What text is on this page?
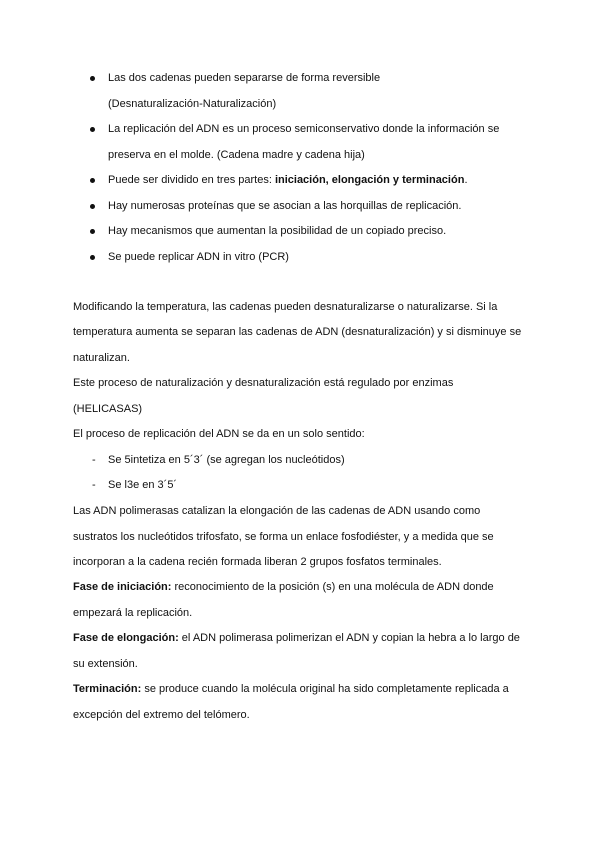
Las dos cadenas pueden separarse de forma reversible
(Desnaturalización-Naturalización)
La replicación del ADN es un proceso semiconservativo donde la información se
preserva en el molde. (Cadena madre y cadena hija)
Puede ser dividido en tres partes: iniciación, elongación y terminación.
Hay numerosas proteínas que se asocian a las horquillas de replicación.
Hay mecanismos que aumentan la posibilidad de un copiado preciso.
Se puede replicar ADN in vitro (PCR)
Modificando la temperatura, las cadenas pueden desnaturalizarse o naturalizarse. Si la
temperatura aumenta se separan las cadenas de ADN (desnaturalización) y si disminuye se
naturalizan.
Este proceso de naturalización y desnaturalización está regulado por enzimas
(HELICASAS)
El proceso de replicación del ADN se da en un solo sentido:
- Se 5intetiza en 5´3´ (se agregan los nucleótidos)
- Se l3e en 3´5´
Las ADN polimerasas catalizan la elongación de las cadenas de ADN usando como
sustratos los nucleótidos trifosfato, se forma un enlace fosfodiéster, y a medida que se
incorporan a la cadena recién formada liberan 2 grupos fosfatos terminales.
Fase de iniciación: reconocimiento de la posición (s) en una molécula de ADN donde
empezará la replicación.
Fase de elongación: el ADN polimerasa polimerizan el ADN y copian la hebra a lo largo de
su extensión.
Terminación: se produce cuando la molécula original ha sido completamente replicada a
excepción del extremo del telómero.
